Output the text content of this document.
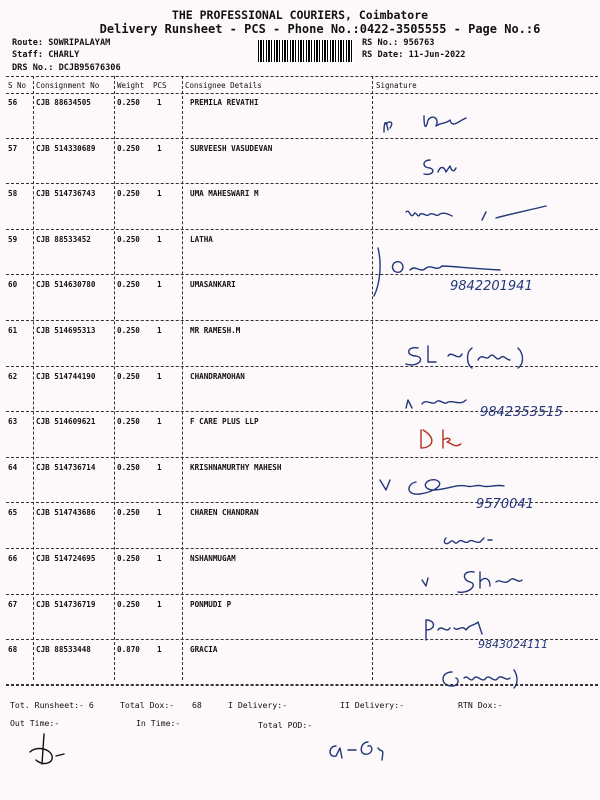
THE PROFESSIONAL COURIERS, Coimbatore
Delivery Runsheet - PCS - Phone No.:0422-3505555 - Page No.:6
Route: SOWRIPALAYAM
Staff: CHARLY
DRS No.: DCJB95676306
RS No.: 956763
RS Date: 11-Jun-2022
S No Consignment No Weight PCS Consignee Details	Signature
56 CJB 88634505	0.250 1	PREMILA REVATHI
57 CJB 514330689	0.250 1	SURVEESH VASUDEVAN
58 CJB 514736743	0.250 1	UMA MAHESWARI M
59 CJB 88533452	0.250 1	LATHA
60 CJB 514630780	0.250 1	UMASANKARI
61 CJB 514695313	0.250 1	MR RAMESH.M
62 CJB 514744190	0.250 1	CHANDRAMOHAN
63 CJB 514609621	0.250 1	F CARE PLUS LLP
64 CJB 514736714	0.250 1	KRISHNAMURTHY MAHESH
65 CJB 514743686	0.250 1	CHAREN CHANDRAN
66 CJB 514724695	0.250 1	NSHANMUGAM
67 CJB 514736719	0.250 1	PONMUDI P
68 CJB 88533448	0.870 1	GRACIA
9842201941
9842353515
9570041
9843024111
Tot. Runsheet:- 6	Total Dox:- 68	I Delivery:-	II Delivery:-	RTN Dox:-
Out Time:-	In Time:-	Total POD:-
